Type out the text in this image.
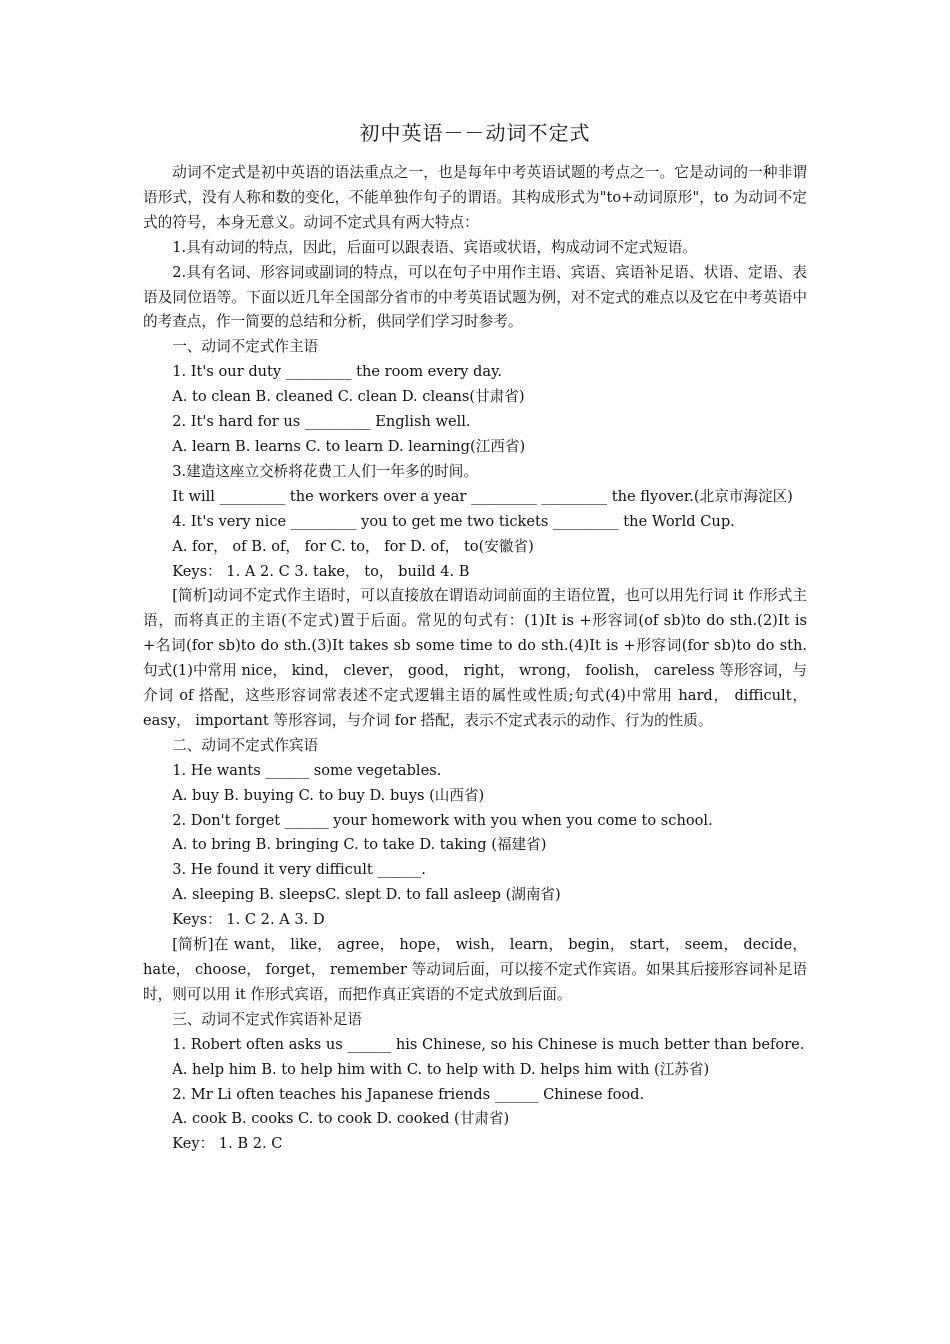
初中英语－－动词不定式

动词不定式是初中英语的语法重点之一，也是每年中考英语试题的考点之一。它是动词的一种非谓语形式，没有人称和数的变化，不能单独作句子的谓语。其构成形式为"to+动词原形"，to 为动词不定式的符号，本身无意义。动词不定式具有两大特点：

1.具有动词的特点，因此，后面可以跟表语、宾语或状语，构成动词不定式短语。

2.具有名词、形容词或副词的特点，可以在句子中用作主语、宾语、宾语补足语、状语、定语、表语及同位语等。下面以近几年全国部分省市的中考英语试题为例，对不定式的难点以及它在中考英语中的考查点，作一简要的总结和分析，供同学们学习时参考。

一、动词不定式作主语

1. It's our duty _________ the room every day.

A. to clean B. cleaned C. clean D. cleans(甘肃省)

2. It's hard for us _________ English well.

A. learn B. learns C. to learn D. learning(江西省)

3.建造这座立交桥将花费工人们一年多的时间。

It will _________ the workers over a year _________ _________ the flyover.(北京市海淀区)

4. It's very nice _________ you to get me two tickets _________ the World Cup.

A. for， of B. of， for C. to， for D. of， to(安徽省)

Keys： 1. A 2. C 3. take， to， build 4. B

[简析]动词不定式作主语时，可以直接放在谓语动词前面的主语位置，也可以用先行词 it 作形式主语，而将真正的主语(不定式)置于后面。常见的句式有：(1)It is +形容词(of sb)to do sth.(2)It is +名词(for sb)to do sth.(3)It takes sb some time to do sth.(4)It is +形容词(for sb)to do sth.句式(1)中常用 nice， kind， clever， good， right， wrong， foolish， careless 等形容词，与介词 of 搭配，这些形容词常表述不定式逻辑主语的属性或性质;句式(4)中常用 hard， difficult， easy， important 等形容词，与介词 for 搭配，表示不定式表示的动作、行为的性质。

二、动词不定式作宾语

1. He wants ______ some vegetables.

A. buy B. buying C. to buy D. buys (山西省)

2. Don't forget ______ your homework with you when you come to school.

A. to bring B. bringing C. to take D. taking (福建省)

3. He found it very difficult ______.

A. sleeping B. sleepsC. slept D. to fall asleep (湖南省)

Keys： 1. C 2. A 3. D

[简析]在 want， like， agree， hope， wish， learn， begin， start， seem， decide， hate， choose， forget， remember 等动词后面，可以接不定式作宾语。如果其后接形容词补足语时，则可以用 it 作形式宾语，而把作真正宾语的不定式放到后面。

三、动词不定式作宾语补足语

1. Robert often asks us ______ his Chinese, so his Chinese is much better than before.

A. help him B. to help him with C. to help with D. helps him with (江苏省)

2. Mr Li often teaches his Japanese friends ______ Chinese food.

A. cook B. cooks C. to cook D. cooked (甘肃省)

Key： 1. B 2. C
